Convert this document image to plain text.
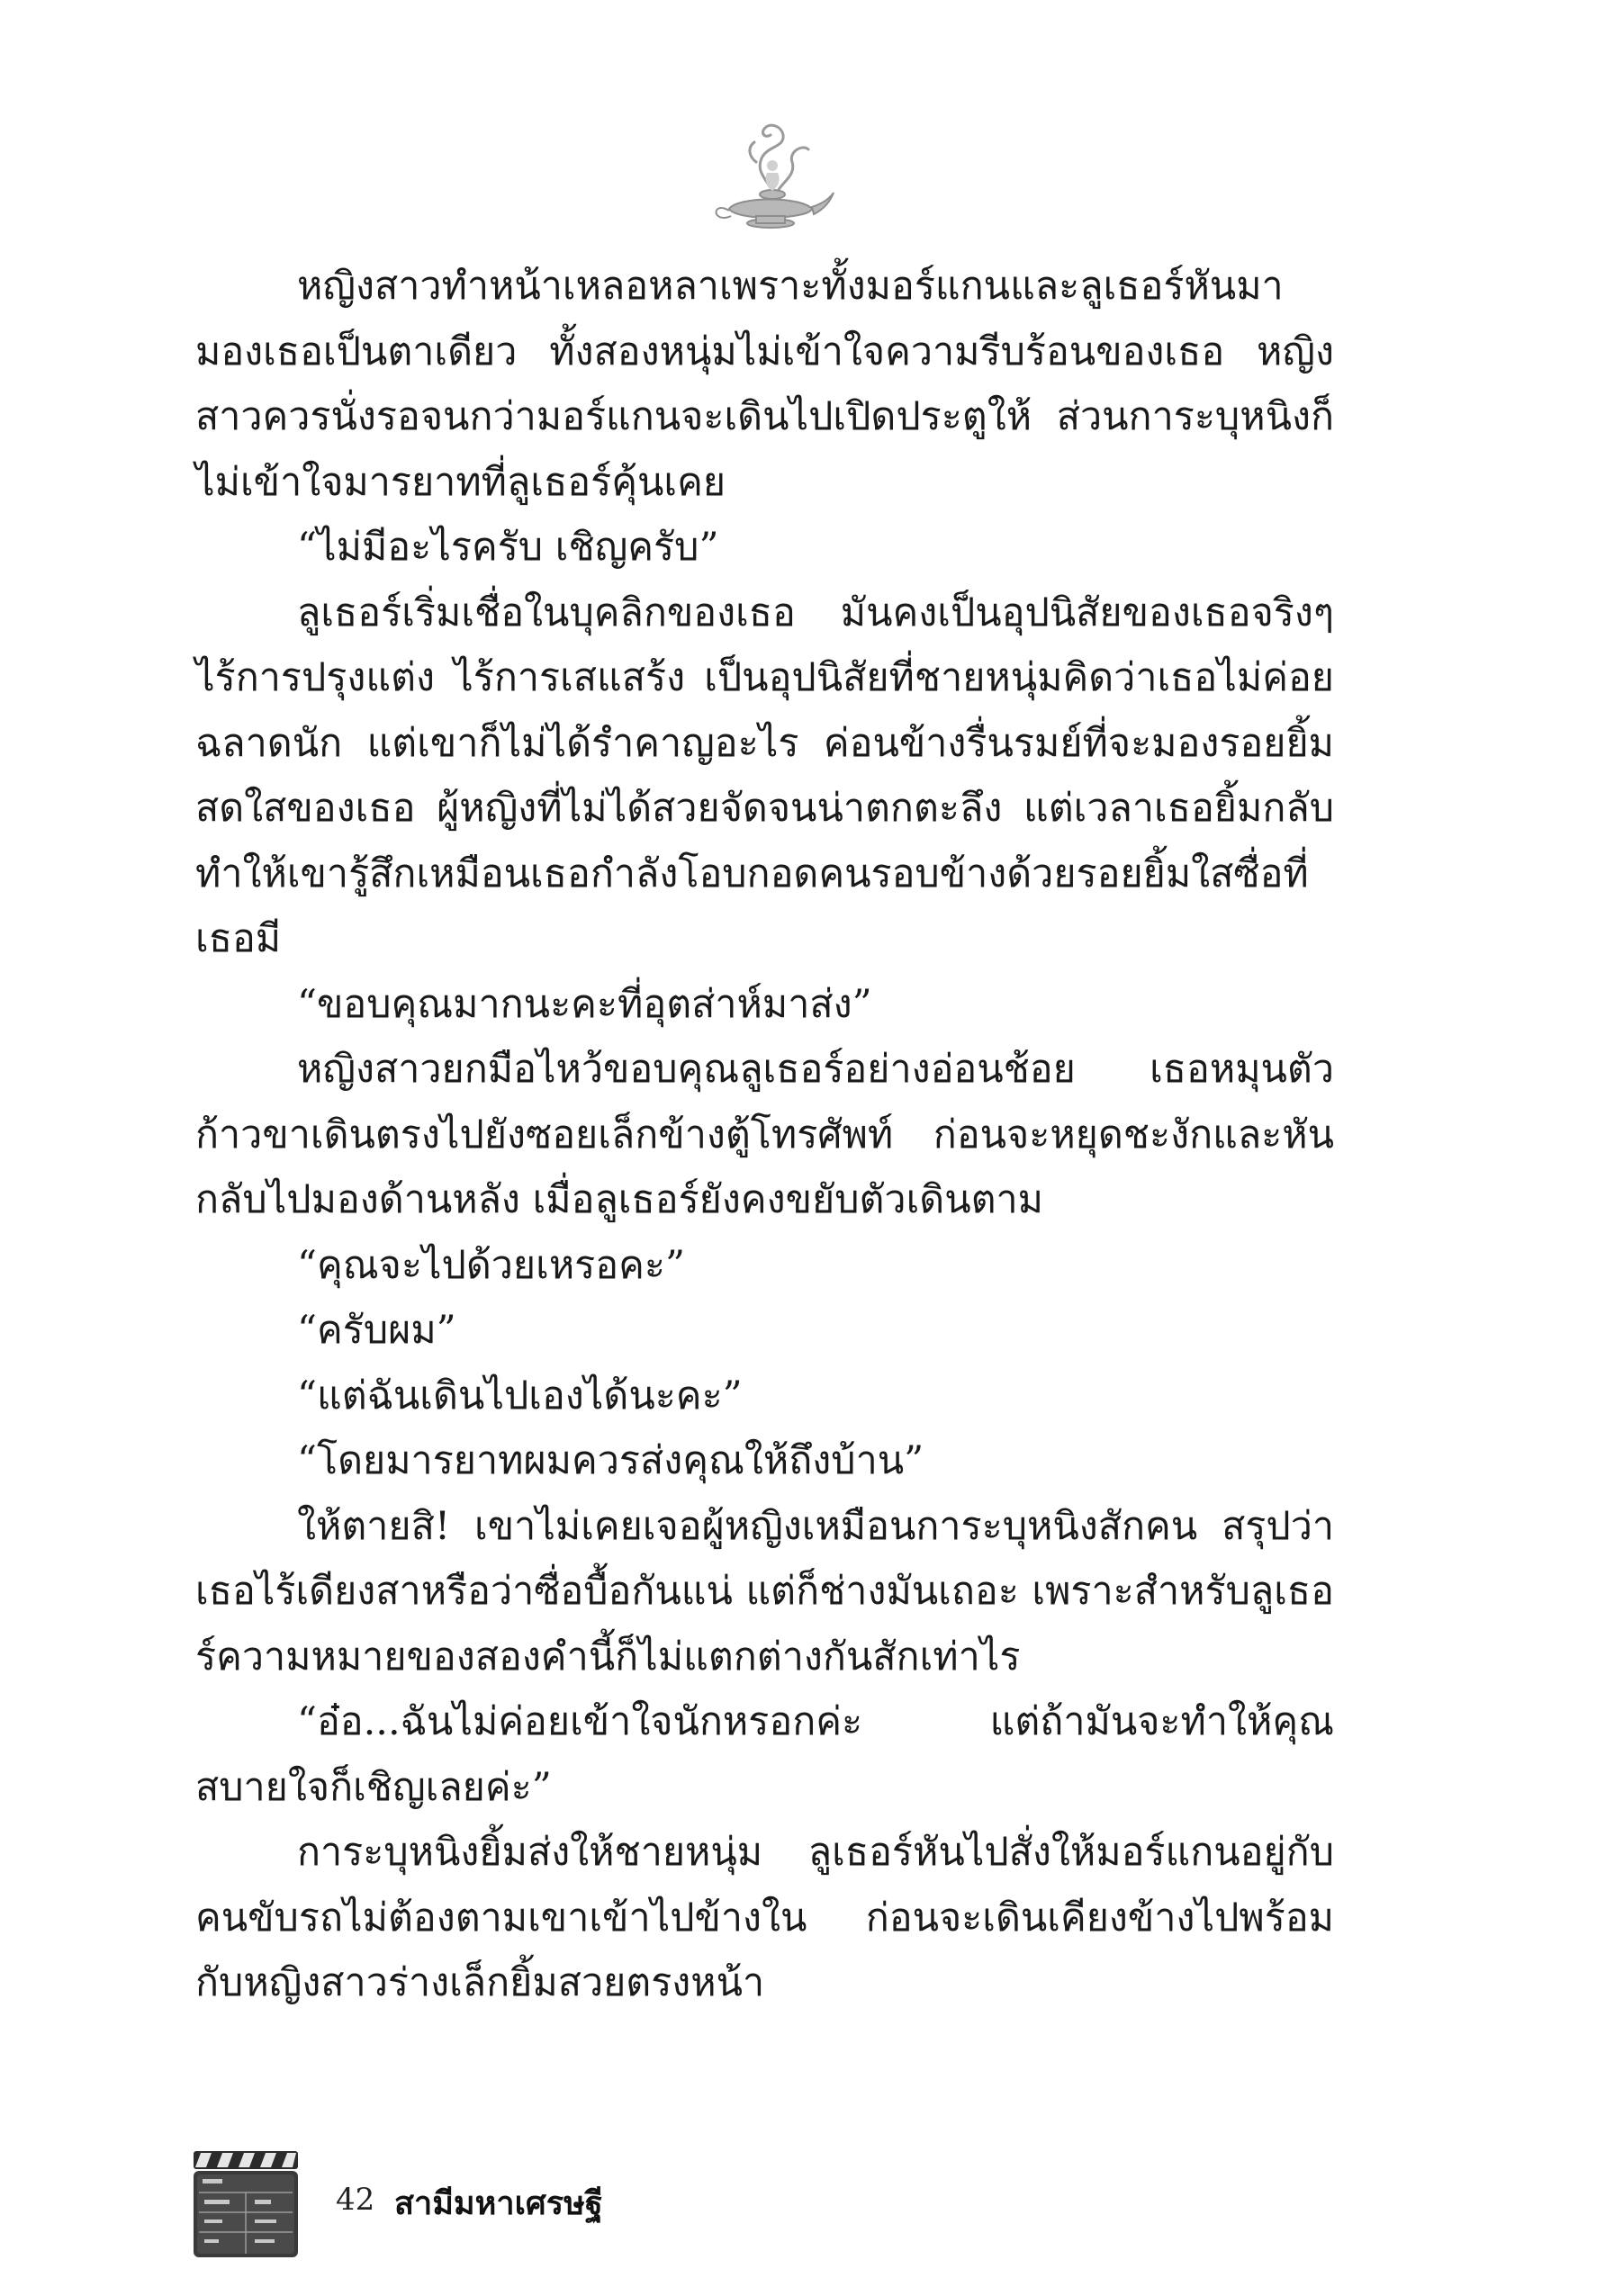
หญิงสาวทำหน้าเหลอหลาเพราะทั้งมอร์แกนและลูเธอร์หันมามองเธอเป็นตาเดียว ทั้งสองหนุ่มไม่เข้าใจความรีบร้อนของเธอ หญิงสาวควรนั่งรอจนกว่ามอร์แกนจะเดินไปเปิดประตูให้ ส่วนการะบุหนิงก็ไม่เข้าใจมารยาทที่ลูเธอร์คุ้นเคย

“ไม่มีอะไรครับ เชิญครับ”

ลูเธอร์เริ่มเชื่อในบุคลิกของเธอ มันคงเป็นอุปนิสัยของเธอจริงๆ ไร้การปรุงแต่ง ไร้การเสแสร้ง เป็นอุปนิสัยที่ชายหนุ่มคิดว่าเธอไม่ค่อยฉลาดนัก แต่เขาก็ไม่ได้รำคาญอะไร ค่อนข้างรื่นรมย์ที่จะมองรอยยิ้มสดใสของเธอ ผู้หญิงที่ไม่ได้สวยจัดจนน่าตกตะลึง แต่เวลาเธอยิ้มกลับทำให้เขารู้สึกเหมือนเธอกำลังโอบกอดคนรอบข้างด้วยรอยยิ้มใสซื่อที่เธอมี

“ขอบคุณมากนะคะที่อุตส่าห์มาส่ง”

หญิงสาวยกมือไหว้ขอบคุณลูเธอร์อย่างอ่อนช้อย เธอหมุนตัวก้าวขาเดินตรงไปยังซอยเล็กข้างตู้โทรศัพท์ ก่อนจะหยุดชะงักและหันกลับไปมองด้านหลัง เมื่อลูเธอร์ยังคงขยับตัวเดินตาม

“คุณจะไปด้วยเหรอคะ”

“ครับผม”

“แต่ฉันเดินไปเองได้นะคะ”

“โดยมารยาทผมควรส่งคุณให้ถึงบ้าน”

ให้ตายสิ! เขาไม่เคยเจอผู้หญิงเหมือนการะบุหนิงสักคน สรุปว่าเธอไร้เดียงสาหรือว่าซื่อบื้อกันแน่ แต่ก็ช่างมันเถอะ เพราะสำหรับลูเธอร์ความหมายของสองคำนี้ก็ไม่แตกต่างกันสักเท่าไร

“อ๋อ...ฉันไม่ค่อยเข้าใจนักหรอกค่ะ แต่ถ้ามันจะทำให้คุณสบายใจก็เชิญเลยค่ะ”

การะบุหนิงยิ้มส่งให้ชายหนุ่ม ลูเธอร์หันไปสั่งให้มอร์แกนอยู่กับคนขับรถไม่ต้องตามเขาเข้าไปข้างใน ก่อนจะเดินเคียงข้างไปพร้อมกับหญิงสาวร่างเล็กยิ้มสวยตรงหน้า

42 สามีมหาเศรษฐี
